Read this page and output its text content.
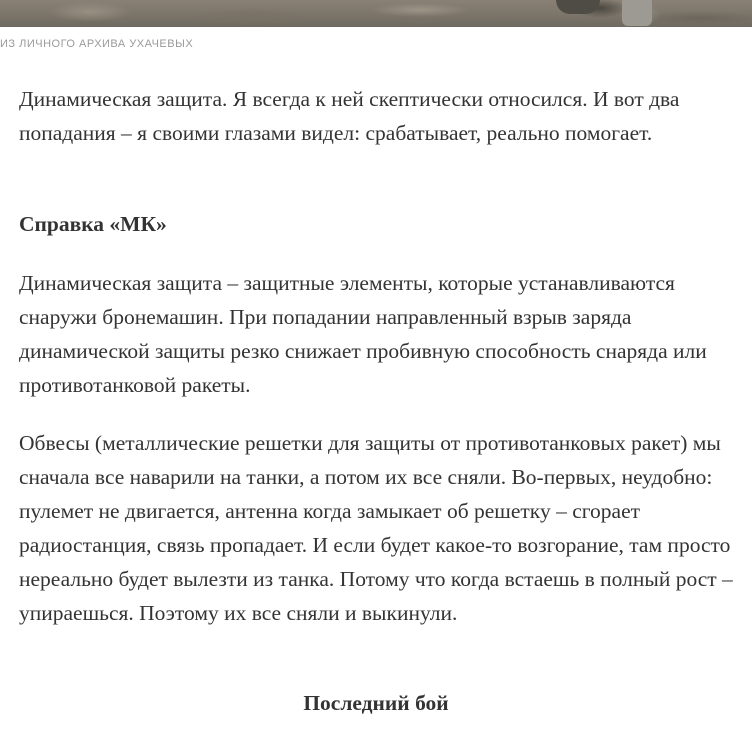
ИЗ ЛИЧНОГО АРХИВА УХАЧЕВЫХ

Динамическая защита. Я всегда к ней скептически относился. И вот два попадания – я своими глазами видел: срабатывает, реально помогает.

Справка «МК»

Динамическая защита – защитные элементы, которые устанавливаются снаружи бронемашин. При попадании направленный взрыв заряда динамической защиты резко снижает пробивную способность снаряда или противотанковой ракеты.

Обвесы (металлические решетки для защиты от противотанковых ракет) мы сначала все наварили на танки, а потом их все сняли. Во-первых, неудобно: пулемет не двигается, антенна когда замыкает об решетку – сгорает радиостанция, связь пропадает. И если будет какое-то возгорание, там просто нереально будет вылезти из танка. Потому что когда встаешь в полный рост – упираешься. Поэтому их все сняли и выкинули.

Последний бой
